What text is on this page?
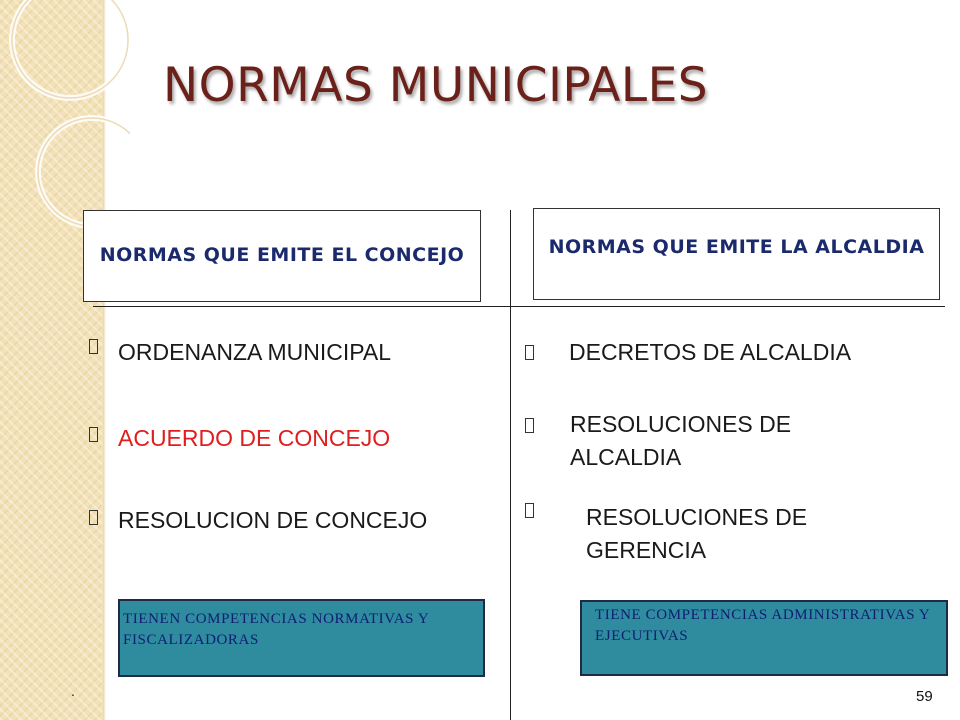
NORMAS MUNICIPALES
NORMAS QUE EMITE EL CONCEJO	NORMAS QUE EMITE LA ALCALDIA
ORDENANZA MUNICIPAL
ACUERDO DE CONCEJO
RESOLUCION DE CONCEJO
DECRETOS DE ALCALDIA
RESOLUCIONES DE ALCALDIA
RESOLUCIONES DE GERENCIA
TIENEN COMPETENCIAS NORMATIVAS Y FISCALIZADORAS
TIENE COMPETENCIAS ADMINISTRATIVAS Y EJECUTIVAS
.	59
